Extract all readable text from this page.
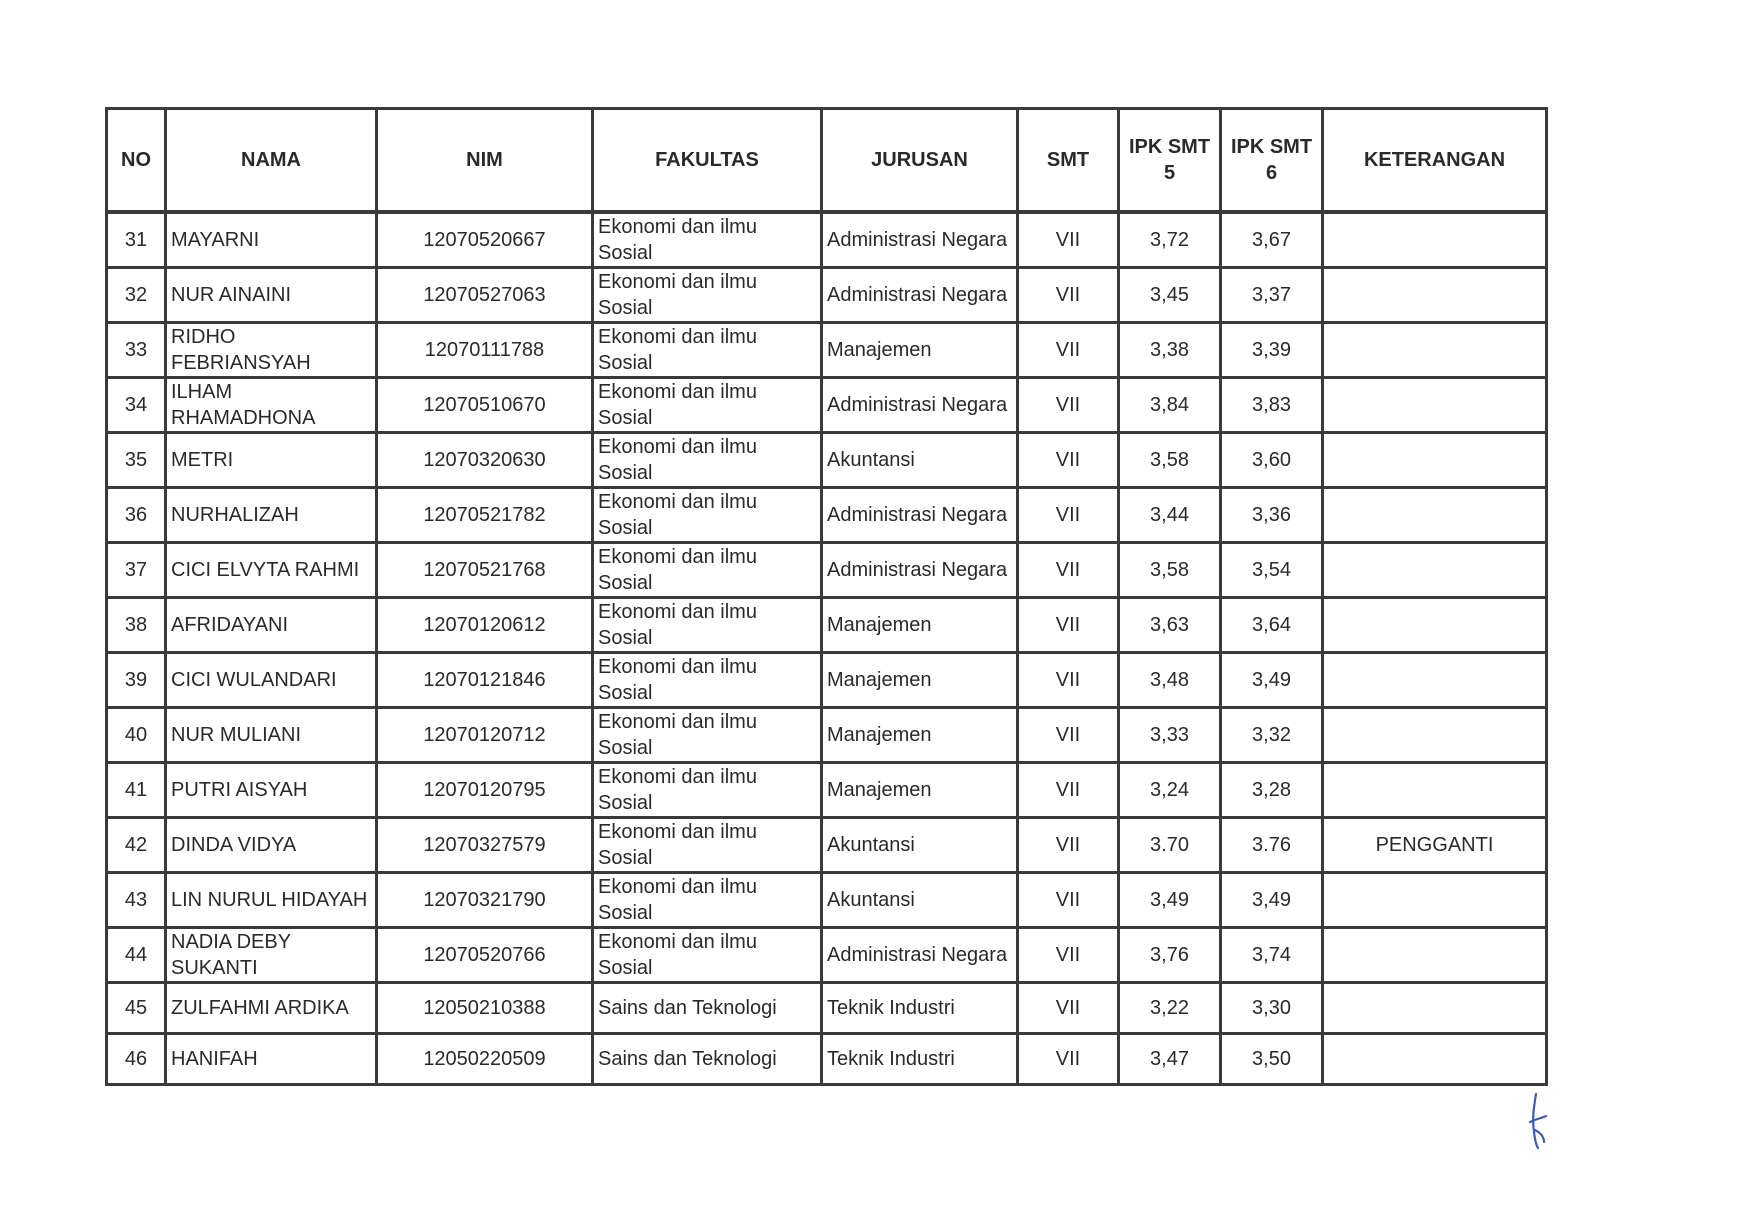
NO	NAMA	NIM	FAKULTAS	JURUSAN	SMT	IPK SMT 5	IPK SMT 6	KETERANGAN
31	MAYARNI	12070520667	Ekonomi dan ilmu Sosial	Administrasi Negara	VII	3,72	3,67	
32	NUR AINAINI	12070527063	Ekonomi dan ilmu Sosial	Administrasi Negara	VII	3,45	3,37	
33	RIDHO FEBRIANSYAH	12070111788	Ekonomi dan ilmu Sosial	Manajemen	VII	3,38	3,39	
34	ILHAM RHAMADHONA	12070510670	Ekonomi dan ilmu Sosial	Administrasi Negara	VII	3,84	3,83	
35	METRI	12070320630	Ekonomi dan ilmu Sosial	Akuntansi	VII	3,58	3,60	
36	NURHALIZAH	12070521782	Ekonomi dan ilmu Sosial	Administrasi Negara	VII	3,44	3,36	
37	CICI ELVYTA RAHMI	12070521768	Ekonomi dan ilmu Sosial	Administrasi Negara	VII	3,58	3,54	
38	AFRIDAYANI	12070120612	Ekonomi dan ilmu Sosial	Manajemen	VII	3,63	3,64	
39	CICI WULANDARI	12070121846	Ekonomi dan ilmu Sosial	Manajemen	VII	3,48	3,49	
40	NUR MULIANI	12070120712	Ekonomi dan ilmu Sosial	Manajemen	VII	3,33	3,32	
41	PUTRI AISYAH	12070120795	Ekonomi dan ilmu Sosial	Manajemen	VII	3,24	3,28	
42	DINDA VIDYA	12070327579	Ekonomi dan ilmu Sosial	Akuntansi	VII	3.70	3.76	PENGGANTI
43	LIN NURUL HIDAYAH	12070321790	Ekonomi dan ilmu Sosial	Akuntansi	VII	3,49	3,49	
44	NADIA DEBY SUKANTI	12070520766	Ekonomi dan ilmu Sosial	Administrasi Negara	VII	3,76	3,74	
45	ZULFAHMI ARDIKA	12050210388	Sains dan Teknologi	Teknik Industri	VII	3,22	3,30	
46	HANIFAH	12050220509	Sains dan Teknologi	Teknik Industri	VII	3,47	3,50	
